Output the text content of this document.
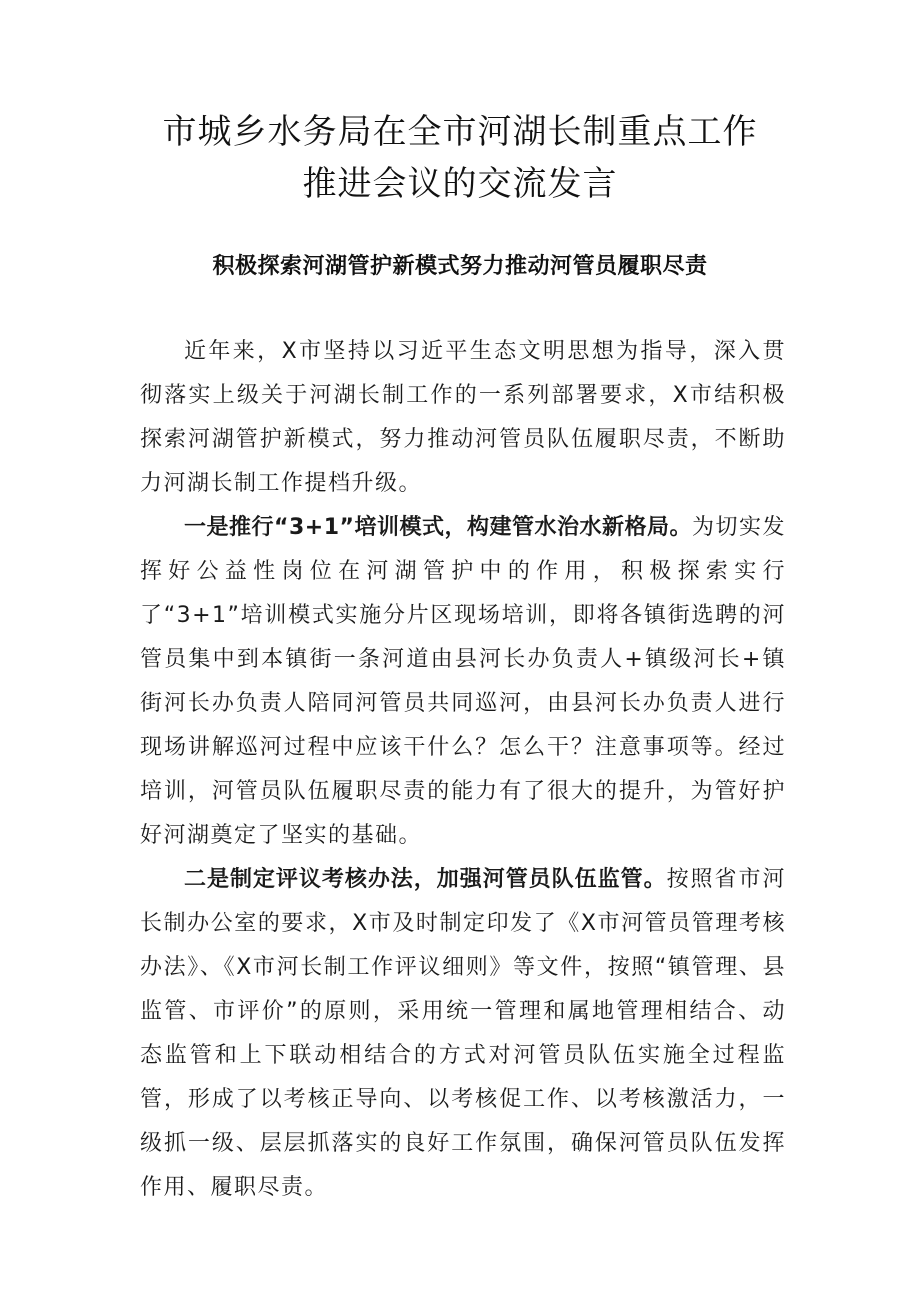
市城乡水务局在全市河湖长制重点工作
推进会议的交流发言
积极探索河湖管护新模式努力推动河管员履职尽责

近年来，X市坚持以习近平生态文明思想为指导，深入贯彻落实上级关于河湖长制工作的一系列部署要求，X市结积极探索河湖管护新模式，努力推动河管员队伍履职尽责，不断助力河湖长制工作提档升级。

一是推行“3+1”培训模式，构建管水治水新格局。为切实发挥好公益性岗位在河湖管护中的作用，积极探索实行了“3+1”培训模式实施分片区现场培训，即将各镇街选聘的河管员集中到本镇街一条河道由县河长办负责人+镇级河长+镇街河长办负责人陪同河管员共同巡河，由县河长办负责人进行现场讲解巡河过程中应该干什么？怎么干？注意事项等。经过培训，河管员队伍履职尽责的能力有了很大的提升，为管好护好河湖奠定了坚实的基础。

二是制定评议考核办法，加强河管员队伍监管。按照省市河长制办公室的要求，X市及时制定印发了《X市河管员管理考核办法》、《X市河长制工作评议细则》等文件，按照“镇管理、县监管、市评价”的原则，采用统一管理和属地管理相结合、动态监管和上下联动相结合的方式对河管员队伍实施全过程监管，形成了以考核正导向、以考核促工作、以考核激活力，一级抓一级、层层抓落实的良好工作氛围，确保河管员队伍发挥作用、履职尽责。
